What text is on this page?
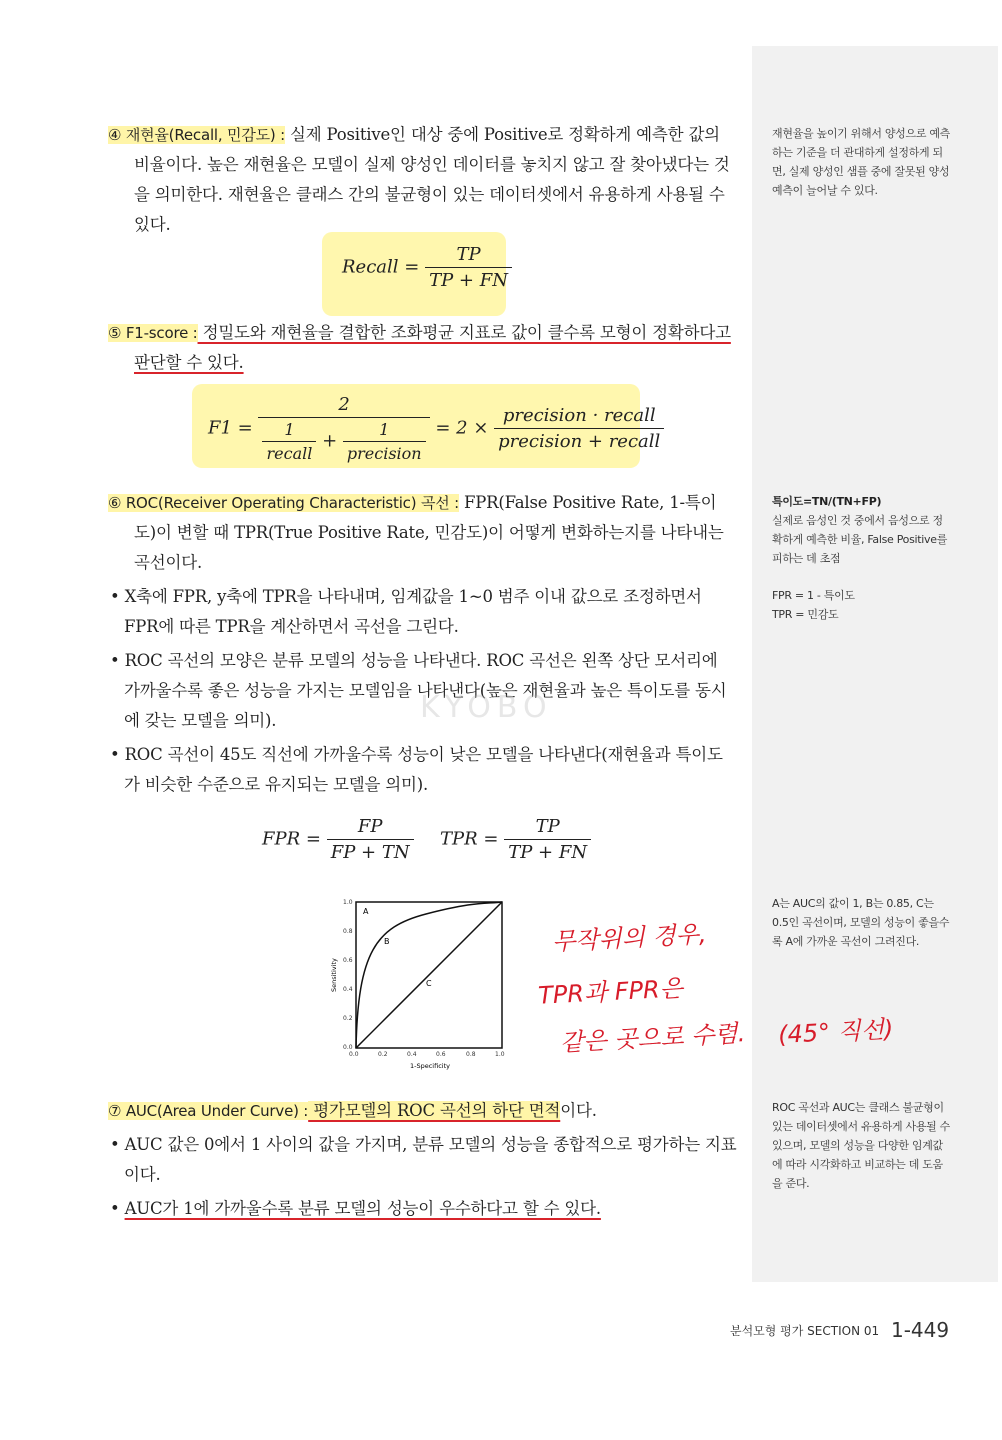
④ 재현율(Recall, 민감도) : 실제 Positive인 대상 중에 Positive로 정확하게 예측한 값의 비율이다. 높은 재현율은 모델이 실제 양성인 데이터를 놓치지 않고 잘 찾아냈다는 것을 의미한다. 재현율은 클래스 간의 불균형이 있는 데이터셋에서 유용하게 사용될 수 있다.
Recall = $\frac{TP}{TP + FN}$
⑤ F1-score : 정밀도와 재현율을 결합한 조화평균 지표로 값이 클수록 모형이 정확하다고 판단할 수 있다.
F1 =
2
$\frac{1}{\text{recall}} + \frac{1}{\text{precision}} = 2 \times \frac{\text{precision · recall}}{\text{precision + recall}}$
⑥ ROC(Receiver Operating Characteristic) 곡선 : FPR(False Positive Rate, 1-특이도)이 변할 때 TPR(True Positive Rate, 민감도)이 어떻게 변화하는지를 나타내는 곡선이다.
• X축에 FPR, y축에 TPR을 나타내며, 임계값을 1~0 범주 이내 값으로 조정하면서 FPR에 따른 TPR을 계산하면서 곡선을 그린다.
• ROC 곡선의 모양은 분류 모델의 성능을 나타낸다. ROC 곡선은 왼쪽 상단 모서리에 가까울수록 좋은 성능을 가지는 모델임을 나타낸다(높은 재현율과 높은 특이도를 동시에 갖는 모델을 의미).
• ROC 곡선이 45도 직선에 가까울수록 성능이 낮은 모델을 나타낸다(재현율과 특이도가 비슷한 수준으로 유지되는 모델을 의미).
FPR = $\frac{FP}{FP + TN}$ TPR = $\frac{TP}{TP + FN}$
A
B
C
0.0	0.2	0.4	0.6	0.8	1.0
1.0
0.8
0.6
0.4
0.2
0.0
1-Specificity
Sensitivity
무작위의 경우,
TPR과 FPR은
같은 곳으로 수렴. (45° 직선)
⑦ AUC(Area Under Curve) : 평가모델의 ROC 곡선의 하단 면적이다.
• AUC 값은 0에서 1 사이의 값을 가지며, 분류 모델의 성능을 종합적으로 평가하는 지표이다.
• AUC가 1에 가까울수록 분류 모델의 성능이 우수하다고 할 수 있다.
재현율을 높이기 위해서 양성으로 예측하는 기준을 더 관대하게 설정하게 되면, 실제 양성인 샘플 중에 잘못된 양성 예측이 늘어날 수 있다.
특이도=TN/(TN+FP)
실제로 음성인 것 중에서 음성으로 정확하게 예측한 비율, False Positive를 피하는 데 초점
FPR = 1 - 특이도
TPR = 민감도
A는 AUC의 값이 1, B는 0.85, C는 0.5인 곡선이며, 모델의 성능이 좋을수록 A에 가까운 곡선이 그려진다.
ROC 곡선과 AUC는 클래스 불균형이 있는 데이터셋에서 유용하게 사용될 수 있으며, 모델의 성능을 다양한 임계값에 따라 시각화하고 비교하는 데 도움을 준다.
KYOBO
분석모형 평가 SECTION 01 1-449
